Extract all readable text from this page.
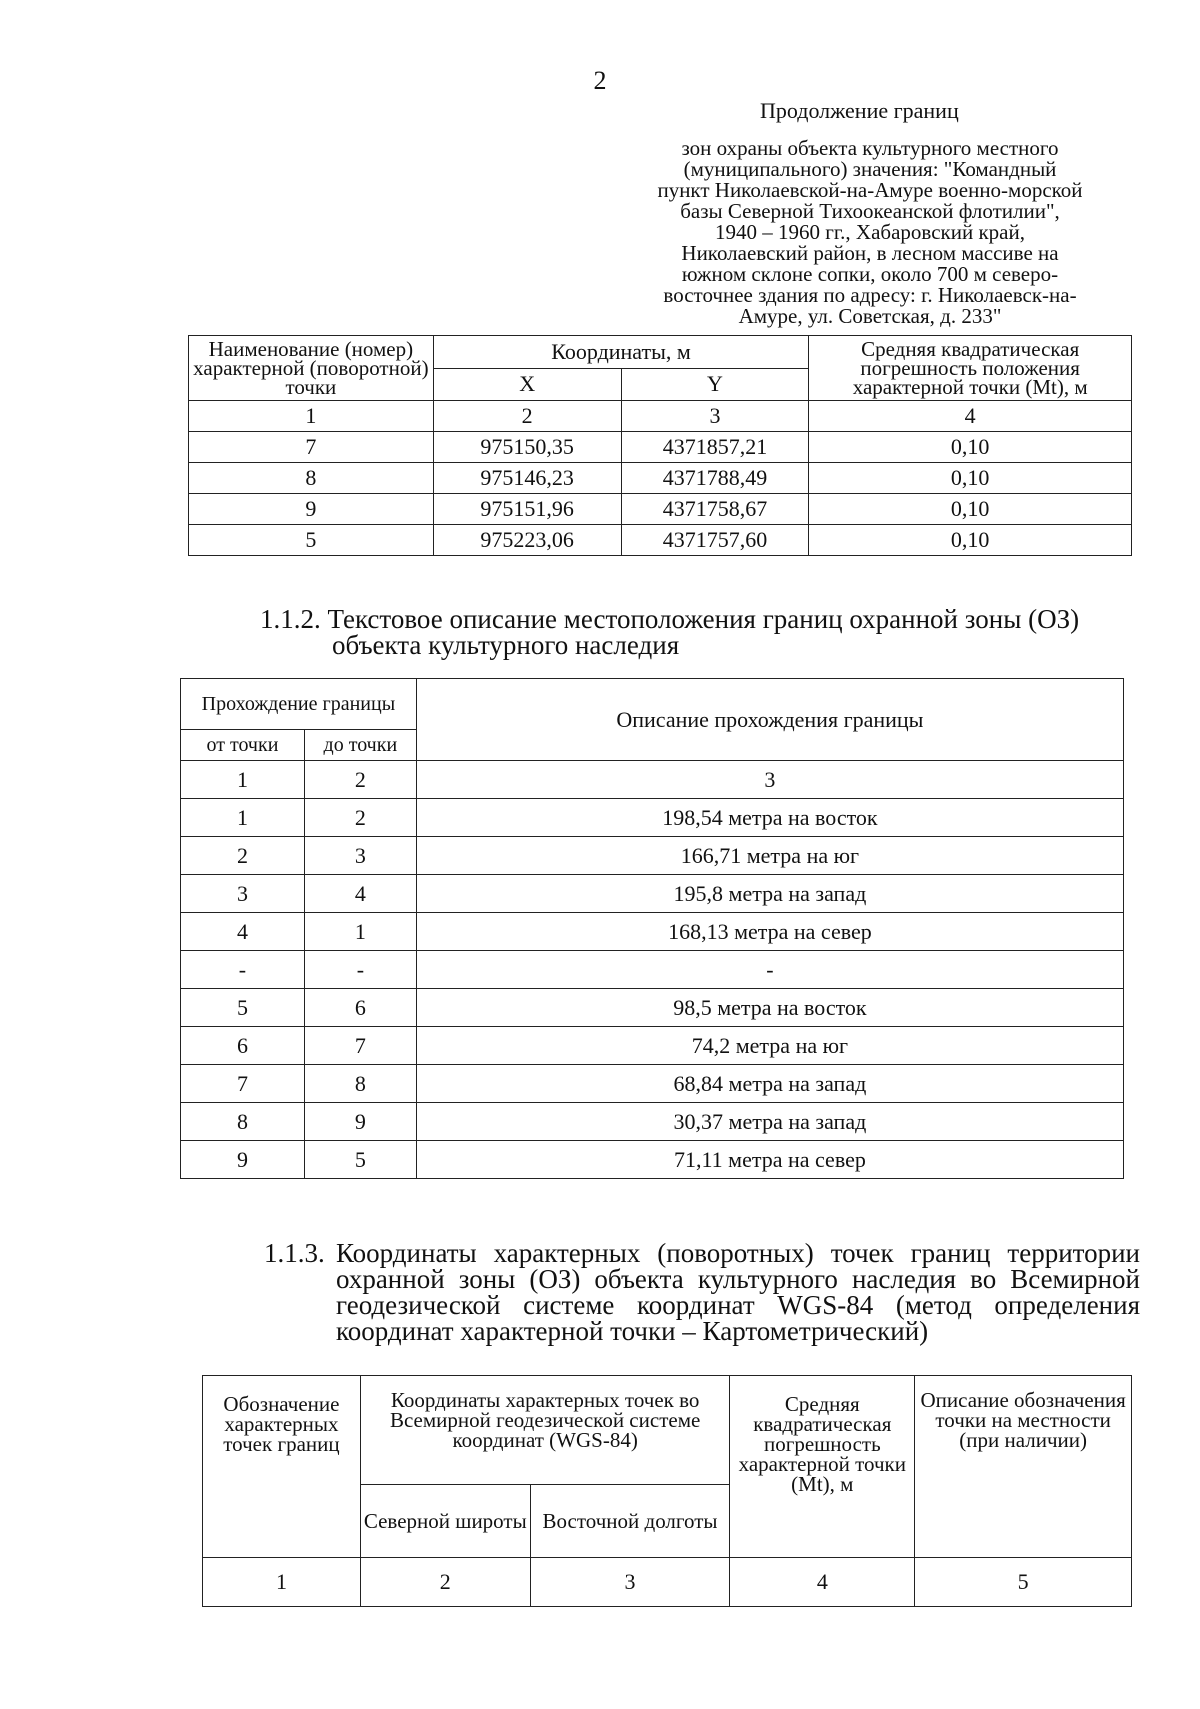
2
Продолжение границ
зон охраны объекта культурного местного
(муниципального) значения: "Командный
пункт Николаевской-на-Амуре военно-морской
базы Северной Тихоокеанской флотилии",
1940 – 1960 гг., Хабаровский край,
Николаевский район, в лесном массиве на
южном склоне сопки, около 700 м северо-
восточнее здания по адресу: г. Николаевск-на-
Амуре, ул. Советская, д. 233"
Наименование (номер) характерной (поворотной) точки	Координаты, м		Средняя квадратическая погрешность положения характерной точки (Mt), м
	X	Y	
1	2	3	4
7	975150,35	4371857,21	0,10
8	975146,23	4371788,49	0,10
9	975151,96	4371758,67	0,10
5	975223,06	4371757,60	0,10
1.1.2. Текстовое описание местоположения границ охранной зоны (ОЗ)
объекта культурного наследия
Прохождение границы		Описание прохождения границы
от точки	до точки	
1	2	3
1	2	198,54 метра на восток
2	3	166,71 метра на юг
3	4	195,8 метра на запад
4	1	168,13 метра на север
-	-	-
5	6	98,5 метра на восток
6	7	74,2 метра на юг
7	8	68,84 метра на запад
8	9	30,37 метра на запад
9	5	71,11 метра на север
1.1.3. Координаты характерных (поворотных) точек границ территории охранной зоны (ОЗ) объекта культурного наследия во Всемирной геодезической системе координат WGS-84 (метод определения координат характерной точки – Картометрический)
Обозначение характерных точек границ	Координаты характерных точек во Всемирной геодезической системе координат (WGS-84)		Средняя квадратическая погрешность характерной точки (Mt), м	Описание обозначения точки на местности (при наличии)
	Северной широты	Восточной долготы		
1	2	3	4	5
